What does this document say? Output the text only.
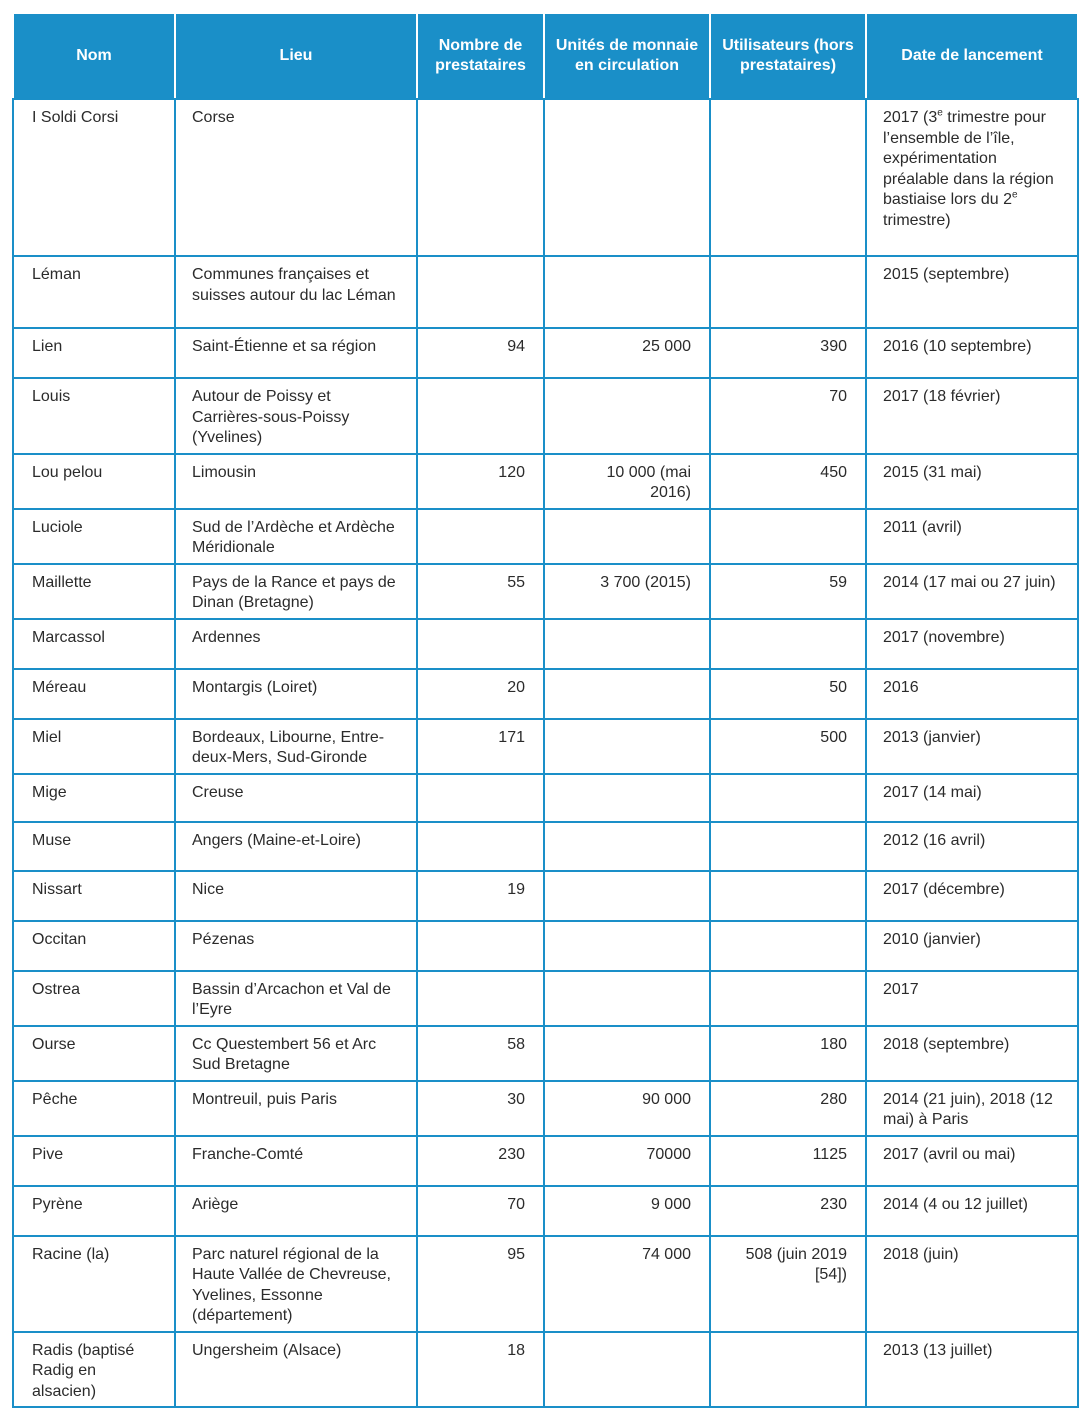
Nom	Lieu	Nombre de prestataires	Unités de monnaie en circulation	Utilisateurs (hors prestataires)	Date de lancement
I Soldi Corsi	Corse				2017 (3e trimestre pour l’ensemble de l’île, expérimentation préalable dans la région bastiaise lors du 2e trimestre)
Léman	Communes françaises et suisses autour du lac Léman				2015 (septembre)
Lien	Saint-Étienne et sa région	94	25 000	390	2016 (10 septembre)
Louis	Autour de Poissy et Carrières-sous-Poissy (Yvelines)			70	2017 (18 février)
Lou pelou	Limousin	120	10 000 (mai 2016)	450	2015 (31 mai)
Luciole	Sud de l’Ardèche et Ardèche Méridionale				2011 (avril)
Maillette	Pays de la Rance et pays de Dinan (Bretagne)	55	3 700 (2015)	59	2014 (17 mai ou 27 juin)
Marcassol	Ardennes				2017 (novembre)
Méreau	Montargis (Loiret)	20		50	2016
Miel	Bordeaux, Libourne, Entre-deux-Mers, Sud-Gironde	171		500	2013 (janvier)
Mige	Creuse				2017 (14 mai)
Muse	Angers (Maine-et-Loire)				2012 (16 avril)
Nissart	Nice	19			2017 (décembre)
Occitan	Pézenas				2010 (janvier)
Ostrea	Bassin d’Arcachon et Val de l’Eyre				2017
Ourse	Cc Questembert 56 et Arc Sud Bretagne	58		180	2018 (septembre)
Pêche	Montreuil, puis Paris	30	90 000	280	2014 (21 juin), 2018 (12 mai) à Paris
Pive	Franche-Comté	230	70000	1125	2017 (avril ou mai)
Pyrène	Ariège	70	9 000	230	2014 (4 ou 12 juillet)
Racine (la)	Parc naturel régional de la Haute Vallée de Chevreuse, Yvelines, Essonne (département)	95	74 000	508 (juin 2019 [54])	2018 (juin)
Radis (baptisé Radig en alsacien)	Ungersheim (Alsace)	18			2013 (13 juillet)
